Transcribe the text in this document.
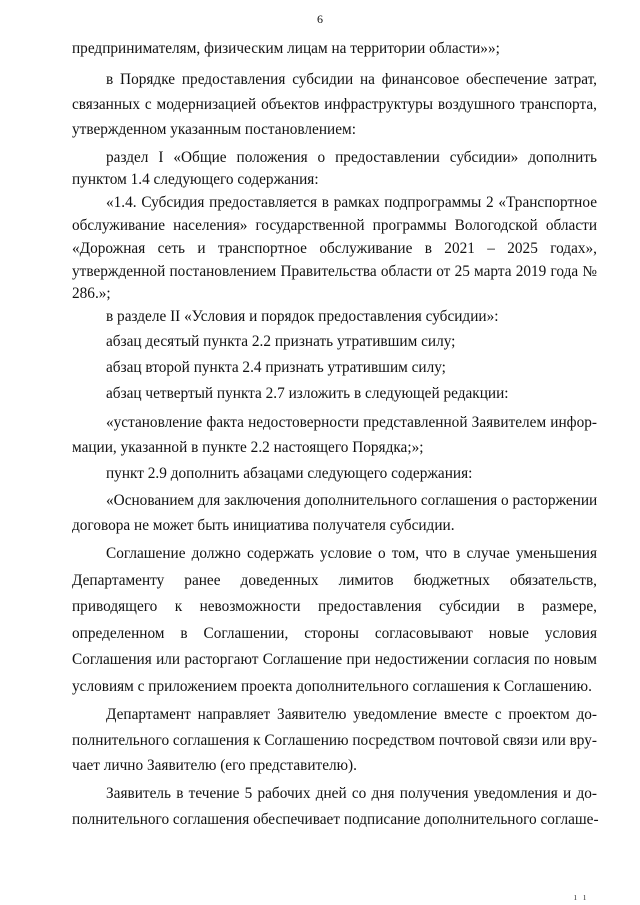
6
предпринимателям, физическим лицам на территории области»»;
в Порядке предоставления субсидии на финансовое обеспечение затрат,
связанных с модернизацией объектов инфраструктуры воздушного транспорта,
утвержденном указанным постановлением:
раздел I «Общие положения о предоставлении субсидии» дополнить
пунктом 1.4 следующего содержания:
«1.4. Субсидия предоставляется в рамках подпрограммы 2 «Транспортное
обслуживание населения» государственной программы Вологодской области
«Дорожная сеть и транспортное обслуживание в 2021 – 2025 годах»,
утвержденной постановлением Правительства области от 25 марта 2019 года №
286.»;
в разделе II «Условия и порядок предоставления субсидии»:
абзац десятый пункта 2.2 признать утратившим силу;
абзац второй пункта 2.4 признать утратившим силу;
абзац четвертый пункта 2.7 изложить в следующей редакции:
«установление факта недостоверности представленной Заявителем инфор-
мации, указанной в пункте 2.2 настоящего Порядка;»;
пункт 2.9 дополнить абзацами следующего содержания:
«Основанием для заключения дополнительного соглашения о расторжении
договора не может быть инициатива получателя субсидии.
Соглашение должно содержать условие о том, что в случае уменьшения
Департаменту ранее доведенных лимитов бюджетных обязательств,
приводящего к невозможности предоставления субсидии в размере,
определенном в Соглашении, стороны согласовывают новые условия
Соглашения или расторгают Соглашение при недостижении согласия по новым
условиям с приложением проекта дополнительного соглашения к Соглашению.
Департамент направляет Заявителю уведомление вместе с проектом до-
полнительного соглашения к Соглашению посредством почтовой связи или вру-
чает лично Заявителю (его представителю).
Заявитель в течение 5 рабочих дней со дня получения уведомления и до-
полнительного соглашения обеспечивает подписание дополнительного соглаше-
ı ı
